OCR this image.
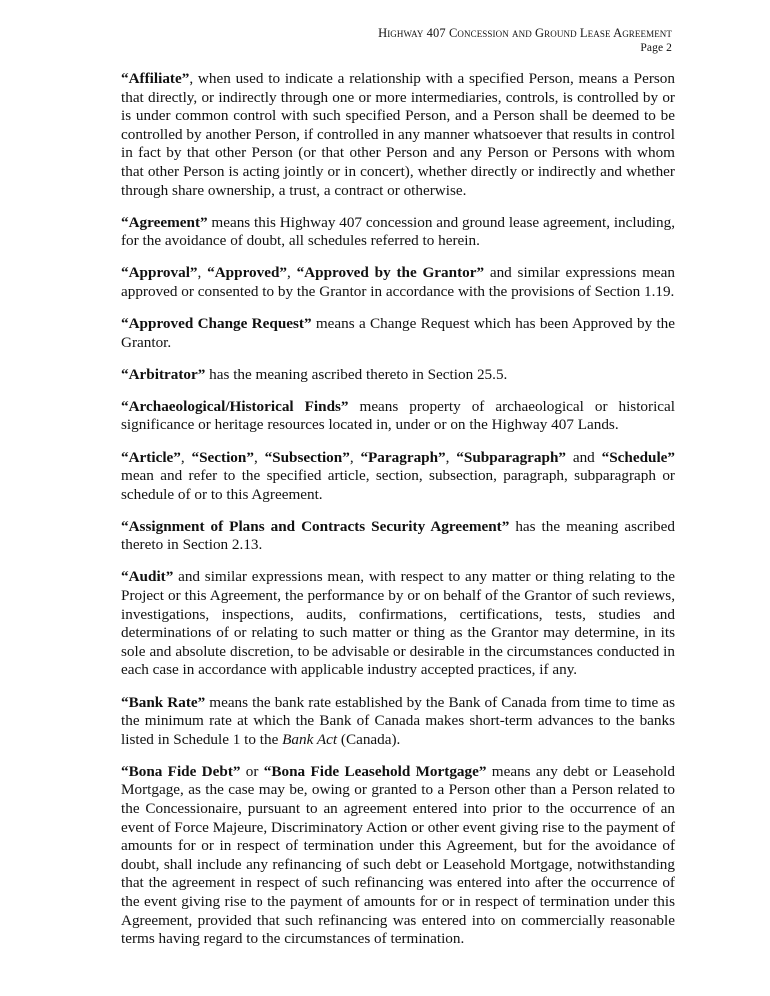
Highway 407 Concession and Ground Lease Agreement
Page 2

“Affiliate”, when used to indicate a relationship with a specified Person, means a Person that directly, or indirectly through one or more intermediaries, controls, is controlled by or is under common control with such specified Person, and a Person shall be deemed to be controlled by another Person, if controlled in any manner whatsoever that results in control in fact by that other Person (or that other Person and any Person or Persons with whom that other Person is acting jointly or in concert), whether directly or indirectly and whether through share ownership, a trust, a contract or otherwise.

“Agreement” means this Highway 407 concession and ground lease agreement, including, for the avoidance of doubt, all schedules referred to herein.

“Approval”, “Approved”, “Approved by the Grantor” and similar expressions mean approved or consented to by the Grantor in accordance with the provisions of Section 1.19.

“Approved Change Request” means a Change Request which has been Approved by the Grantor.

“Arbitrator” has the meaning ascribed thereto in Section 25.5.

“Archaeological/Historical Finds” means property of archaeological or historical significance or heritage resources located in, under or on the Highway 407 Lands.

“Article”, “Section”, “Subsection”, “Paragraph”, “Subparagraph” and “Schedule” mean and refer to the specified article, section, subsection, paragraph, subparagraph or schedule of or to this Agreement.

“Assignment of Plans and Contracts Security Agreement” has the meaning ascribed thereto in Section 2.13.

“Audit” and similar expressions mean, with respect to any matter or thing relating to the Project or this Agreement, the performance by or on behalf of the Grantor of such reviews, investigations, inspections, audits, confirmations, certifications, tests, studies and determinations of or relating to such matter or thing as the Grantor may determine, in its sole and absolute discretion, to be advisable or desirable in the circumstances conducted in each case in accordance with applicable industry accepted practices, if any.

“Bank Rate” means the bank rate established by the Bank of Canada from time to time as the minimum rate at which the Bank of Canada makes short-term advances to the banks listed in Schedule 1 to the Bank Act (Canada).

“Bona Fide Debt” or “Bona Fide Leasehold Mortgage” means any debt or Leasehold Mortgage, as the case may be, owing or granted to a Person other than a Person related to the Concessionaire, pursuant to an agreement entered into prior to the occurrence of an event of Force Majeure, Discriminatory Action or other event giving rise to the payment of amounts for or in respect of termination under this Agreement, but for the avoidance of doubt, shall include any refinancing of such debt or Leasehold Mortgage, notwithstanding that the agreement in respect of such refinancing was entered into after the occurrence of the event giving rise to the payment of amounts for or in respect of termination under this Agreement, provided that such refinancing was entered into on commercially reasonable terms having regard to the circumstances of termination.
